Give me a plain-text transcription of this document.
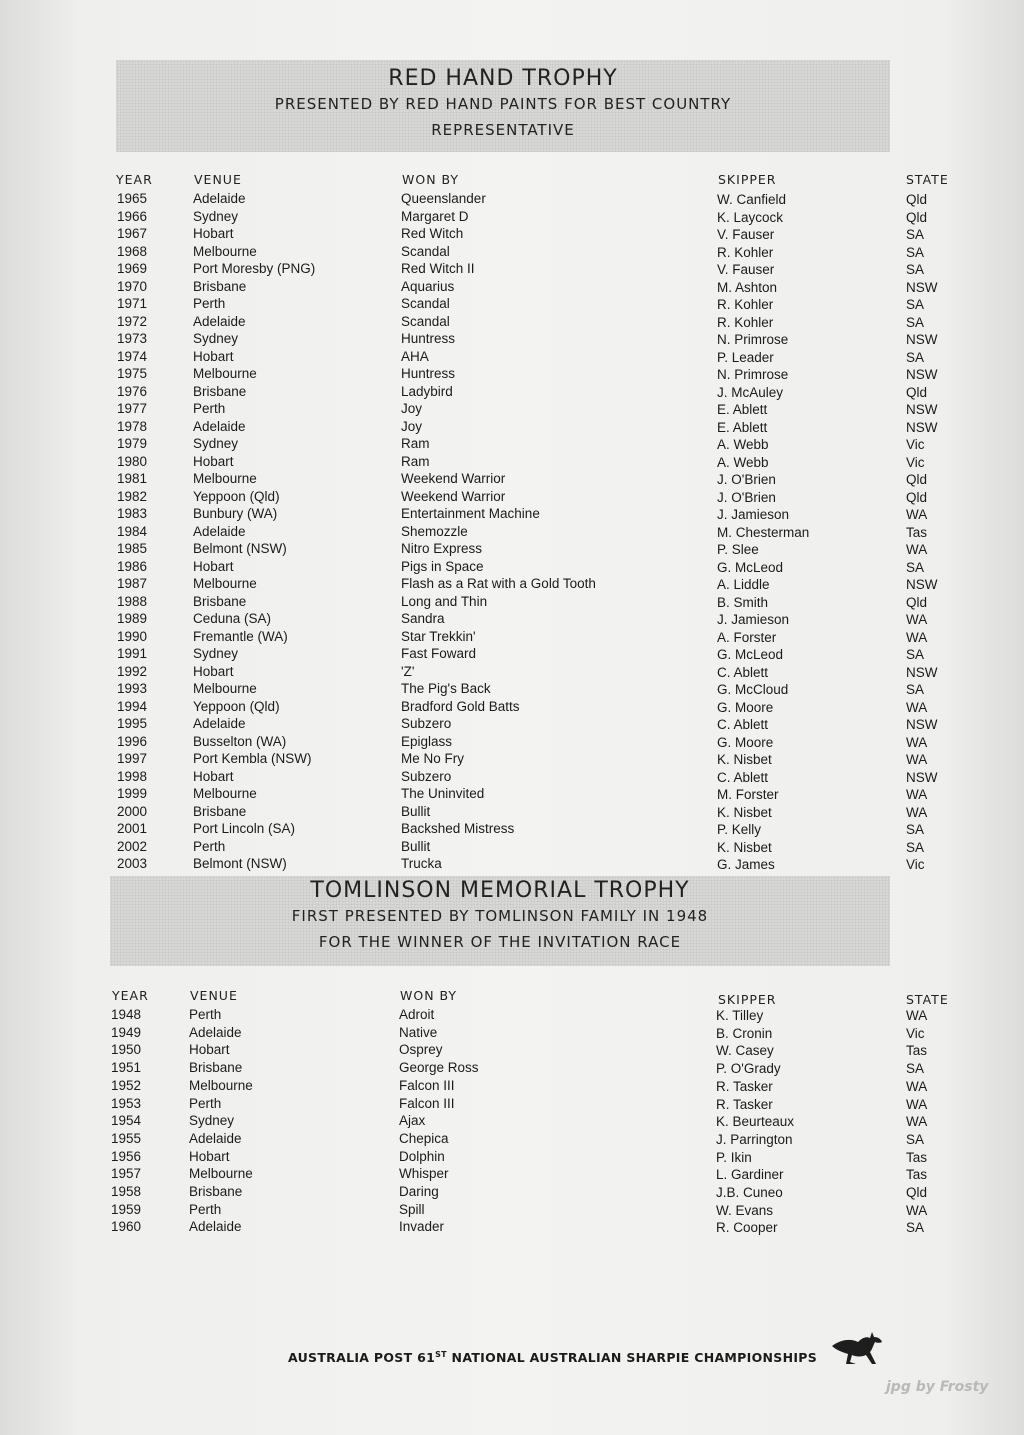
RED HAND TROPHY
PRESENTED BY RED HAND PAINTS FOR BEST COUNTRY
REPRESENTATIVE
YEAR	VENUE	WON BY	SKIPPER	STATE
1965	Adelaide	Queenslander	W. Canfield	Qld
1966	Sydney	Margaret D	K. Laycock	Qld
1967	Hobart	Red Witch	V. Fauser	SA
1968	Melbourne	Scandal	R. Kohler	SA
1969	Port Moresby (PNG)	Red Witch II	V. Fauser	SA
1970	Brisbane	Aquarius	M. Ashton	NSW
1971	Perth	Scandal	R. Kohler	SA
1972	Adelaide	Scandal	R. Kohler	SA
1973	Sydney	Huntress	N. Primrose	NSW
1974	Hobart	AHA	P. Leader	SA
1975	Melbourne	Huntress	N. Primrose	NSW
1976	Brisbane	Ladybird	J. McAuley	Qld
1977	Perth	Joy	E. Ablett	NSW
1978	Adelaide	Joy	E. Ablett	NSW
1979	Sydney	Ram	A. Webb	Vic
1980	Hobart	Ram	A. Webb	Vic
1981	Melbourne	Weekend Warrior	J. O'Brien	Qld
1982	Yeppoon (Qld)	Weekend Warrior	J. O'Brien	Qld
1983	Bunbury (WA)	Entertainment Machine	J. Jamieson	WA
1984	Adelaide	Shemozzle	M. Chesterman	Tas
1985	Belmont (NSW)	Nitro Express	P. Slee	WA
1986	Hobart	Pigs in Space	G. McLeod	SA
1987	Melbourne	Flash as a Rat with a Gold Tooth	A. Liddle	NSW
1988	Brisbane	Long and Thin	B. Smith	Qld
1989	Ceduna (SA)	Sandra	J. Jamieson	WA
1990	Fremantle (WA)	Star Trekkin'	A. Forster	WA
1991	Sydney	Fast Foward	G. McLeod	SA
1992	Hobart	'Z'	C. Ablett	NSW
1993	Melbourne	The Pig's Back	G. McCloud	SA
1994	Yeppoon (Qld)	Bradford Gold Batts	G. Moore	WA
1995	Adelaide	Subzero	C. Ablett	NSW
1996	Busselton (WA)	Epiglass	G. Moore	WA
1997	Port Kembla (NSW)	Me No Fry	K. Nisbet	WA
1998	Hobart	Subzero	C. Ablett	NSW
1999	Melbourne	The Uninvited	M. Forster	WA
2000	Brisbane	Bullit	K. Nisbet	WA
2001	Port Lincoln (SA)	Backshed Mistress	P. Kelly	SA
2002	Perth	Bullit	K. Nisbet	SA
2003	Belmont (NSW)	Trucka	G. James	Vic
TOMLINSON MEMORIAL TROPHY
FIRST PRESENTED BY TOMLINSON FAMILY IN 1948
FOR THE WINNER OF THE INVITATION RACE
YEAR	VENUE	WON BY	SKIPPER	STATE
1948	Perth	Adroit	K. Tilley	WA
1949	Adelaide	Native	B. Cronin	Vic
1950	Hobart	Osprey	W. Casey	Tas
1951	Brisbane	George Ross	P. O'Grady	SA
1952	Melbourne	Falcon III	R. Tasker	WA
1953	Perth	Falcon III	R. Tasker	WA
1954	Sydney	Ajax	K. Beurteaux	WA
1955	Adelaide	Chepica	J. Parrington	SA
1956	Hobart	Dolphin	P. Ikin	Tas
1957	Melbourne	Whisper	L. Gardiner	Tas
1958	Brisbane	Daring	J.B. Cuneo	Qld
1959	Perth	Spill	W. Evans	WA
1960	Adelaide	Invader	R. Cooper	SA
AUSTRALIA POST 61ST NATIONAL AUSTRALIAN SHARPIE CHAMPIONSHIPS
jpg by Frosty
